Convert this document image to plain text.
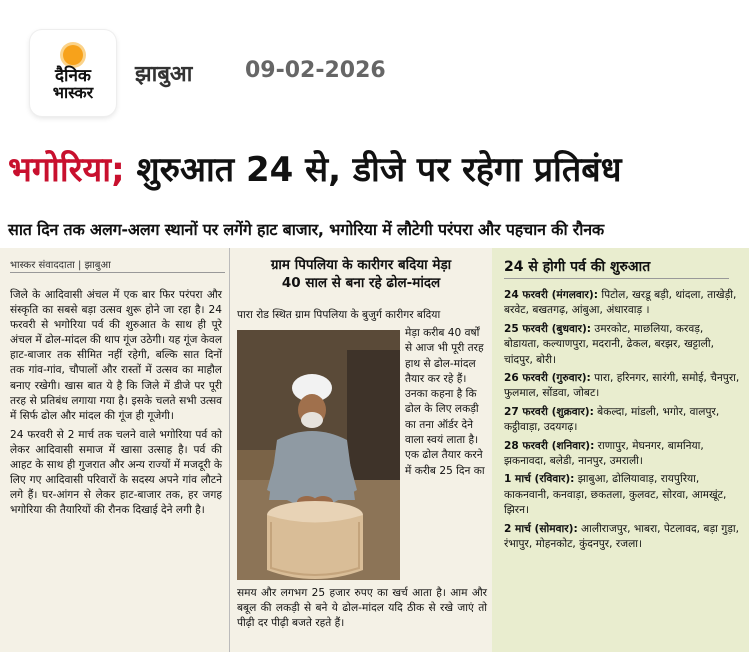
दैनिक
भास्कर
झाबुआ 09-02-2026
भगोरिया; शुरुआत 24 से, डीजे पर रहेगा प्रतिबंध
सात दिन तक अलग-अलग स्थानों पर लगेंगे हाट बाजार, भगोरिया में लौटेगी परंपरा और पहचान की रौनक
भास्कर संवाददाता | झाबुआ

जिले के आदिवासी अंचल में एक बार फिर परंपरा और संस्कृति का सबसे बड़ा उत्सव शुरू होने जा रहा है। 24 फरवरी से भगोरिया पर्व की शुरुआत के साथ ही पूरे अंचल में ढोल-मांदल की थाप गूंज उठेगी। यह गूंज केवल हाट-बाजार तक सीमित नहीं रहेगी, बल्कि सात दिनों तक गांव-गांव, चौपालों और रास्तों में उत्सव का माहौल बनाए रखेगी। खास बात ये है कि जिले में डीजे पर पूरी तरह से प्रतिबंध लगाया गया है। इसके चलते सभी उत्सव में सिर्फ ढोल और मांदल की गूंज ही गूजेगी।

24 फरवरी से 2 मार्च तक चलने वाले भगोरिया पर्व को लेकर आदिवासी समाज में खासा उत्साह है। पर्व की आहट के साथ ही गुजरात और अन्य राज्यों में मजदूरी के लिए गए आदिवासी परिवारों के सदस्य अपने गांव लौटने लगे हैं। घर-आंगन से लेकर हाट-बाजार तक, हर जगह भगोरिया की तैयारियों की रौनक दिखाई देने लगी है।

ग्राम पिपलिया के कारीगर बदिया मेड़ा
40 साल से बना रहे ढोल-मांदल
पारा रोड स्थित ग्राम पिपलिया के बुजुर्ग कारीगर बदिया
मेड़ा करीब 40 वर्षों से आज भी पूरी तरह हाथ से ढोल-मांदल तैयार कर रहे हैं। उनका कहना है कि ढोल के लिए लकड़ी का तना ऑर्डर देने वाला स्वयं लाता है। एक ढोल तैयार करने में करीब 25 दिन का
समय और लगभग 25 हजार रुपए का खर्च आता है। आम और बबूल की लकड़ी से बने ये ढोल-मांदल यदि ठीक से रखे जाएं तो पीढ़ी दर पीढ़ी बजते रहते हैं।
24 से होगी पर्व की शुरुआत
24 फरवरी (मंगलवार): पिटोल, खरडू बड़ी, थांदला, ताखेड़ी, बरवेट, बखतगढ़, आंबुआ, अंधारवाड़ ।
25 फरवरी (बुधवार): उमरकोट, माछलिया, करवड़, बोडायता, कल्याणपुरा, मदरानी, ढेकल, बरझर, खट्टाली, चांदपुर, बोरी।
26 फरवरी (गुरुवार): पारा, हरिनगर, सारंगी, समोई, चैनपुरा, फुलमाल, सोंडवा, जोबट।
27 फरवरी (शुक्रवार): बेकल्दा, मांडली, भगोर, वालपुर, कट्ठीवाड़ा, उदयगढ़।
28 फरवरी (शनिवार): राणापुर, मेघनगर, बामनिया, झकनावदा, बलेडी, नानपुर, उमराली।
1 मार्च (रविवार): झाबुआ, ढोलियावाड़, रायपुरिया, काकनवानी, कनवाड़ा, छकतला, कुलवट, सोरवा, आमखूंट, झिरन।
2 मार्च (सोमवार): आलीराजपुर, भाबरा, पेटलावद, बड़ा गुड़ा, रंभापुर, मोहनकोट, कुंदनपुर, रजला।
